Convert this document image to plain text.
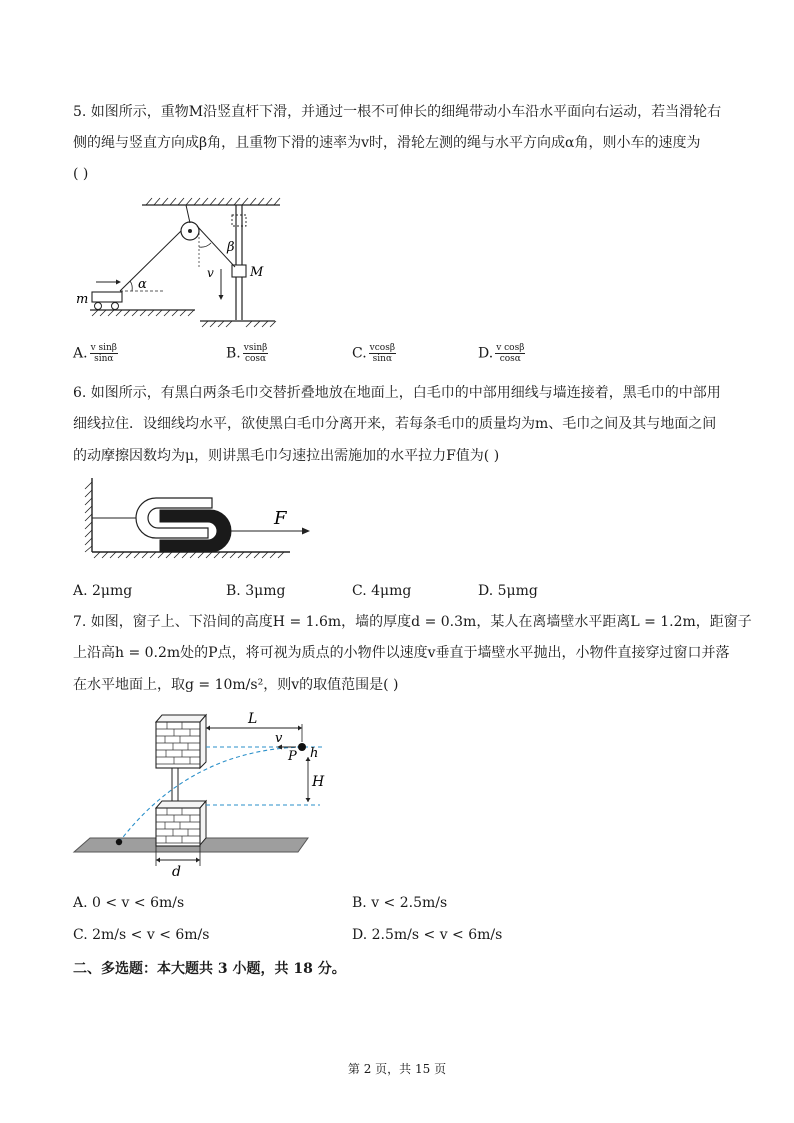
5. 如图所示，重物M沿竖直杆下滑，并通过一根不可伸长的细绳带动小车沿水平面向右运动，若当滑轮右
侧的绳与竖直方向成β角，且重物下滑的速率为v时，滑轮左测的绳与水平方向成α角，则小车的速度为
( )
m
α
v
β
M
A. $\frac{\text{v sinβ}}{\sin\alpha}$	B. $\frac{vsin\beta}{\cos\alpha}$	C. $\frac{vcos\beta}{\sin\alpha}$	D. $\frac{\text{v cosβ}}{\cos\alpha}$
6. 如图所示，有黑白两条毛巾交替折叠地放在地面上，白毛巾的中部用细线与墙连接着，黑毛巾的中部用
细线拉住．设细线均水平，欲使黑白毛巾分离开来，若每条毛巾的质量均为m、毛巾之间及其与地面之间
的动摩擦因数均为μ，则讲黑毛巾匀速拉出需施加的水平拉力F值为( )
F
A. 2μmg	B. 3μmg	C. 4μmg	D. 5μmg
7. 如图，窗子上、下沿间的高度H = 1.6m，墙的厚度d = 0.3m，某人在离墙壁水平距离L = 1.2m，距窗子
上沿高h = 0.2m处的P点，将可视为质点的小物件以速度v垂直于墙壁水平抛出，小物件直接穿过窗口并落
在水平地面上，取g = 10m/s²，则v的取值范围是( )
L
v
P h
H
d
A. 0 < v < 6m/s	B. v < 2.5m/s
C. 2m/s < v < 6m/s	D. 2.5m/s < v < 6m/s
二、多选题：本大题共 3 小题，共 18 分。
第 2 页，共 15 页
